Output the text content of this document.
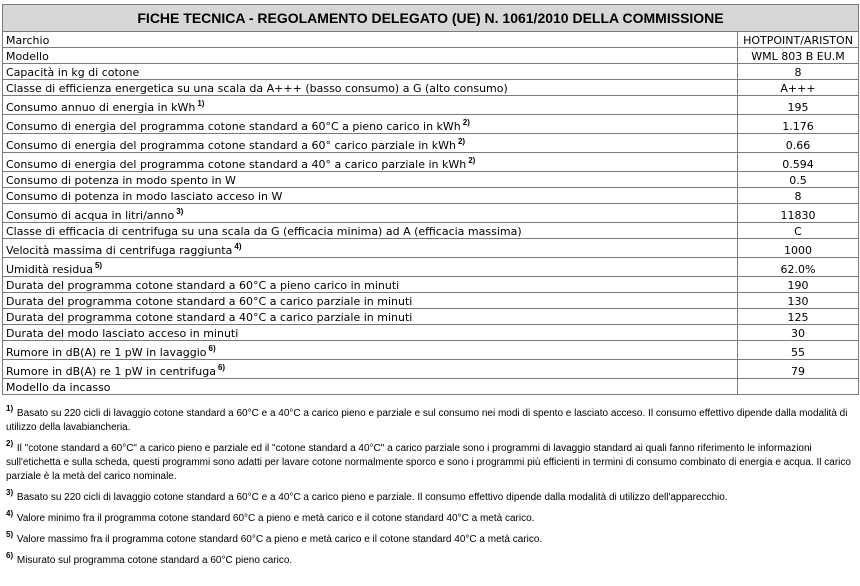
FICHE TECNICA - REGOLAMENTO DELEGATO (UE) N. 1061/2010 DELLA COMMISSIONE	
Marchio	HOTPOINT/ARISTON
Modello	WML 803 B EU.M
Capacità in kg di cotone	8
Classe di efficienza energetica su una scala da A+++ (basso consumo) a G (alto consumo)	A+++
Consumo annuo di energia in kWh $^{1)}$	195
Consumo di energia del programma cotone standard a 60°C a pieno carico in kWh $^{2)}$	1.176
Consumo di energia del programma cotone standard a 60° carico parziale in kWh $^{2)}$	0.66
Consumo di energia del programma cotone standard a 40° a carico parziale in kWh $^{2)}$	0.594
Consumo di potenza in modo spento in W	0.5
Consumo di potenza in modo lasciato acceso in W	8
Consumo di acqua in litri/anno $^{3)}$	11830
Classe di efficacia di centrifuga su una scala da G (efficacia minima) ad A (efficacia massima)	C
Velocità massima di centrifuga raggiunta $^{4)}$	1000
Umidità residua $^{5)}$	62.0%
Durata del programma cotone standard a 60°C a pieno carico in minuti	190
Durata del programma cotone standard a 60°C a carico parziale in minuti	130
Durata del programma cotone standard a 40°C a carico parziale in minuti	125
Durata del modo lasciato acceso in minuti	30
Rumore in dB(A) re 1 pW in lavaggio $^{6)}$	55
Rumore in dB(A) re 1 pW in centrifuga $^{6)}$	79
Modello da incasso	
$^{1)}$ Basato su 220 cicli di lavaggio cotone standard a 60°C e a 40°C a carico pieno e parziale e sul consumo nei modi di spento e lasciato acceso. Il consumo effettivo dipende dalla modalità di utilizzo della lavabiancheria.
$^{2)}$ Il "cotone standard a 60°C" a carico pieno e parziale ed il "cotone standard a 40°C" a carico parziale sono i programmi di lavaggio standard ai quali fanno riferimento le informazioni sull'etichetta e sulla scheda, questi programmi sono adatti per lavare cotone normalmente sporco e sono i programmi più efficienti in termini di consumo combinato di energia e acqua. Il carico parziale è la metà del carico nominale.
$^{3)}$ Basato su 220 cicli di lavaggio cotone standard a 60°C e a 40°C a carico pieno e parziale. Il consumo effettivo dipende dalla modalità di utilizzo dell'apparecchio.
$^{4)}$ Valore minimo fra il programma cotone standard 60°C a pieno e metà carico e il cotone standard 40°C a metà carico.
$^{5)}$ Valore massimo fra il programma cotone standard 60°C a pieno e metà carico e il cotone standard 40°C a metà carico.
$^{6)}$ Misurato sul programma cotone standard a 60°C pieno carico.
